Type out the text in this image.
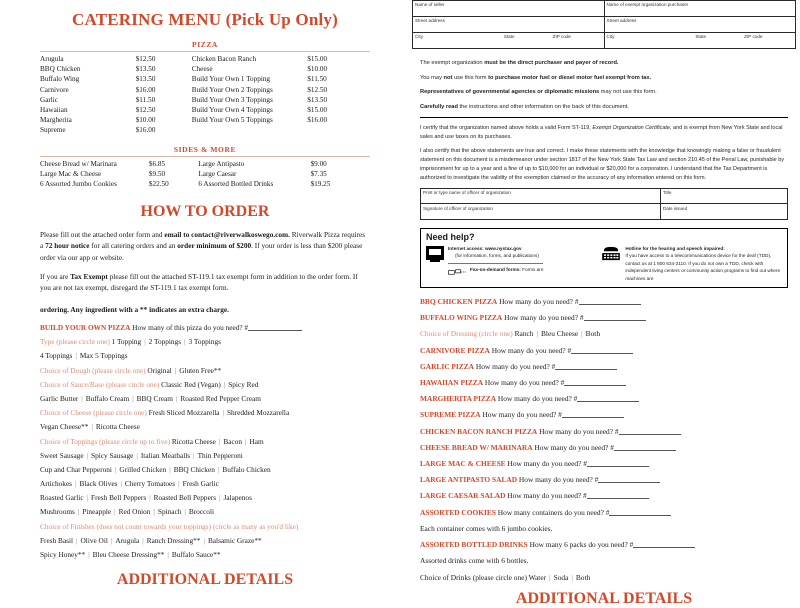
CATERING MENU (Pick Up Only)
PIZZA
Arugula	$12.50	Chicken Bacon Ranch	$15.00
BBQ Chicken	$13.50	Cheese	$10.00
Buffalo Wing	$13.50	Build Your Own 1 Topping	$11.50
Carnivore	$16.00	Build Your Own 2 Toppings	$12.50
Garlic	$11.50	Build Your Own 3 Toppings	$13.50
Hawaiian	$12.50	Build Your Own 4 Toppings	$15.00
Margherita	$10.00	Build Your Own 5 Toppings	$16.00
Supreme	$16.00		
SIDES & MORE
Cheese Bread w/ Marinara	$6.85	Large Antipasto	$9.00
Large Mac & Cheese	$9.50	Large Caesar	$7.35
6 Assorted Jumbo Cookies	$22.50	6 Assorted Bottled Drinks	$19.25
HOW TO ORDER

Please fill out the attached order form and email to contact@riverwalkoswego.com. Riverwalk Pizza requires a 72 hour notice for all catering orders and an order minimum of $200. If your order is less than $200 please order via our app or website.

If you are Tax Exempt please fill out the attached ST-119.1 tax exempt form in addition to the order form. If you are not tax exempt, disregard the ST-119.1 tax exempt form.

ordering. Any ingredient with a ** indicates an extra charge.

BUILD YOUR OWN PIZZA How many of this pizza do you need? #

Type (please circle one) 1 Topping | 2 Toppings | 3 Toppings

4 Toppings | Max 5 Toppings

Choice of Dough (please circle one) Original | Gluten Free**

Choice of Sauce/Base (please circle one) Classic Red (Vegan) | Spicy Red

Garlic Butter | Buffalo Cream | BBQ Cream | Roasted Red Pepper Cream

Choice of Cheese (please circle one) Fresh Sliced Mozzarella | Shredded Mozzarella

Vegan Cheese** | Ricotta Cheese

Choice of Toppings (please circle up to five) Ricotta Cheese | Bacon | Ham

Sweet Sausage | Spicy Sausage | Italian Meatballs | Thin Pepperoni

Cup and Char Pepperoni | Grilled Chicken | BBQ Chicken | Buffalo Chicken

Artichokes | Black Olives | Cherry Tomatoes | Fresh Garlic

Roasted Garlic | Fresh Bell Peppers | Roasted Bell Peppers | Jalapenos

Mushrooms | Pineapple | Red Onion | Spinach | Broccoli

Choice of Finishes (does not count towards your toppings) (circle as many as you'd like)

Fresh Basil | Olive Oil | Arugula | Ranch Dressing** | Balsamic Graze**

Spicy Honey** | Bleu Cheese Dressing** | Buffalo Sauce**

ADDITIONAL DETAILS
Name of seller	Name of exempt organization purchaser
Street address	Street address
City	State	ZIP code	City	State	ZIP code

The exempt organization must be the direct purchaser and payer of record.

You may not use this form to purchase motor fuel or diesel motor fuel exempt from tax.

Representatives of governmental agencies or diplomatic missions may not use this form.

Carefully read the instructions and other information on the back of this document.

I certify that the organization named above holds a valid Form ST-119, Exempt Organization Certificate, and is exempt from New York State and local sales and use taxes on its purchases.

I also certify that the above statements are true and correct. I make these statements with the knowledge that knowingly making a false or fraudulent statement on this document is a misdemeanor under section 1817 of the New York State Tax Law and section 210.45 of the Penal Law, punishable by imprisonment for up to a year and a fine of up to $10,000 for an individual or $20,000 for a corporation. I understand that the Tax Department is authorized to investigate the validity of the exemption claimed or the accuracy of any information entered on this form.

Print or type name of officer of organization	Title
Signature of officer of organization	Date issued
Need help?
Internet access: www.nystax.gov
(for information, forms, and publications)
Fax-on-demand forms: Forms are
Hotline for the hearing and speech impaired:
If you have access to a telecommunications device for the deaf (TDD), contact us at 1 800 634-2110. If you do not own a TDD, check with independent living centers or community action programs to find out where machines are

BBQ CHICKEN PIZZA How many do you need? #

BUFFALO WING PIZZA How many do you need? #

Choice of Dressing (circle one) Ranch | Bleu Cheese | Both

CARNIVORE PIZZA How many do you need? #

GARLIC PIZZA How many do you need? #

HAWAIIAN PIZZA How many do you need? #

MARGHERITA PIZZA How many do you need? #

SUPREME PIZZA How many do you need? #

CHICKEN BACON RANCH PIZZA How many do you need? #

CHEESE BREAD W/ MARINARA How many do you need? #

LARGE MAC & CHEESE How many do you need? #

LARGE ANTIPASTO SALAD How many do you need? #

LARGE CAESAR SALAD How many do you need? #

ASSORTED COOKIES How many containers do you need? #

Each container comes with 6 jumbo cookies.

ASSORTED BOTTLED DRINKS How many 6 packs do you need? #

Assorted drinks come with 6 bottles.

Choice of Drinks (please circle one) Water | Soda | Both

ADDITIONAL DETAILS
